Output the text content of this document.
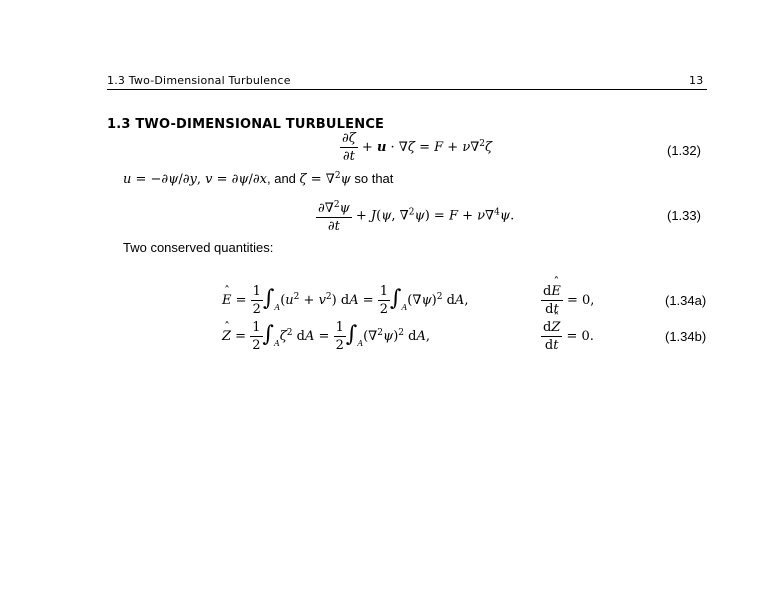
1.3 Two-Dimensional Turbulence	13
1.3 TWO-DIMENSIONAL TURBULENCE
$\frac{\partial\zeta}{\partial t} + u \cdot \nabla\zeta = F + \nu\nabla^2\zeta$	(1.32)
u = −∂ψ/∂y, v = ∂ψ/∂x, and ζ = ∇$^2$ψ so that
$\frac{\partial\nabla^2\psi}{\partial t} + J(\psi$, ∇$^2$ψ) = F + ν∇$^4$ψ.	(1.33)
Two conserved quantities:
ˆ $E = \frac{1}{2} \int_A(u^2 + v^2)$ dA = $\frac{1}{2} \int_A(\nabla\psi)^2$ dA,	$\frac{\text{dˆ E}}{dt} = 0$,	(1.34a)
ˆ $Z = \frac{1}{2} \int_A\zeta^2$ dA = $\frac{1}{2} \int_A(\nabla^2\psi)^2$ dA,	$\frac{\text{dˆ Z}}{dt} = 0$.	(1.34b)
